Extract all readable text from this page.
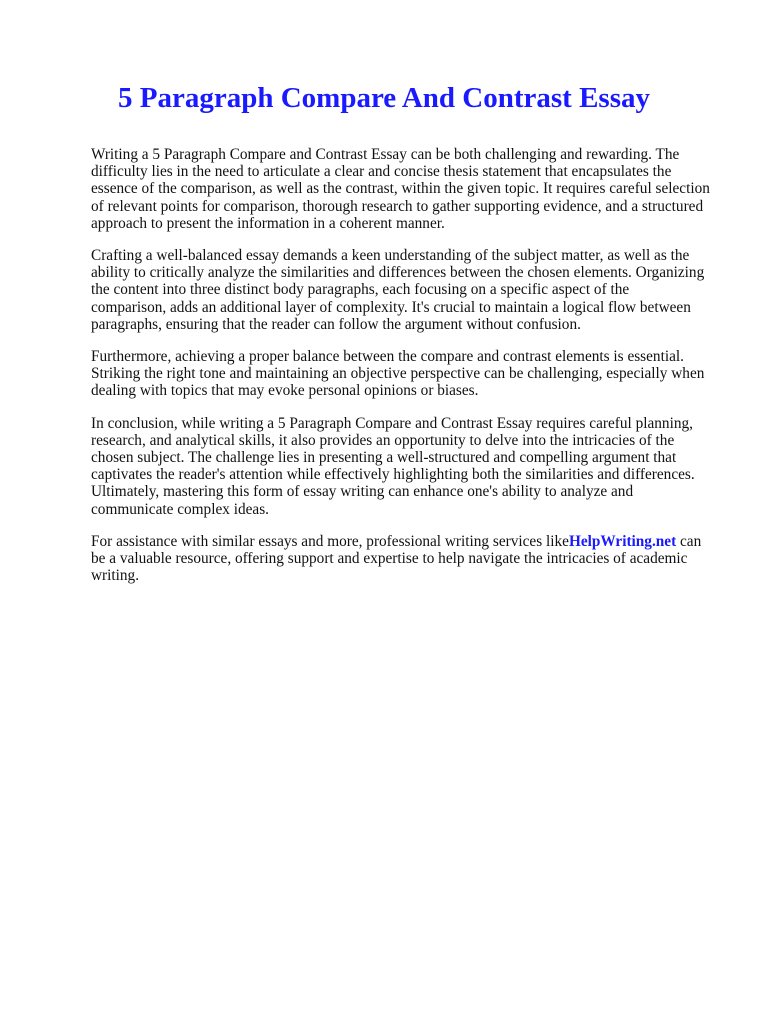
5 Paragraph Compare And Contrast Essay

Writing a 5 Paragraph Compare and Contrast Essay can be both challenging and rewarding. The
difficulty lies in the need to articulate a clear and concise thesis statement that encapsulates the
essence of the comparison, as well as the contrast, within the given topic. It requires careful selection
of relevant points for comparison, thorough research to gather supporting evidence, and a structured
approach to present the information in a coherent manner.

Crafting a well-balanced essay demands a keen understanding of the subject matter, as well as the
ability to critically analyze the similarities and differences between the chosen elements. Organizing
the content into three distinct body paragraphs, each focusing on a specific aspect of the
comparison, adds an additional layer of complexity. It's crucial to maintain a logical flow between
paragraphs, ensuring that the reader can follow the argument without confusion.

Furthermore, achieving a proper balance between the compare and contrast elements is essential.
Striking the right tone and maintaining an objective perspective can be challenging, especially when
dealing with topics that may evoke personal opinions or biases.

In conclusion, while writing a 5 Paragraph Compare and Contrast Essay requires careful planning,
research, and analytical skills, it also provides an opportunity to delve into the intricacies of the
chosen subject. The challenge lies in presenting a well-structured and compelling argument that
captivates the reader's attention while effectively highlighting both the similarities and differences.
Ultimately, mastering this form of essay writing can enhance one's ability to analyze and
communicate complex ideas.

For assistance with similar essays and more, professional writing services likeHelpWriting.net can
be a valuable resource, offering support and expertise to help navigate the intricacies of academic
writing.
